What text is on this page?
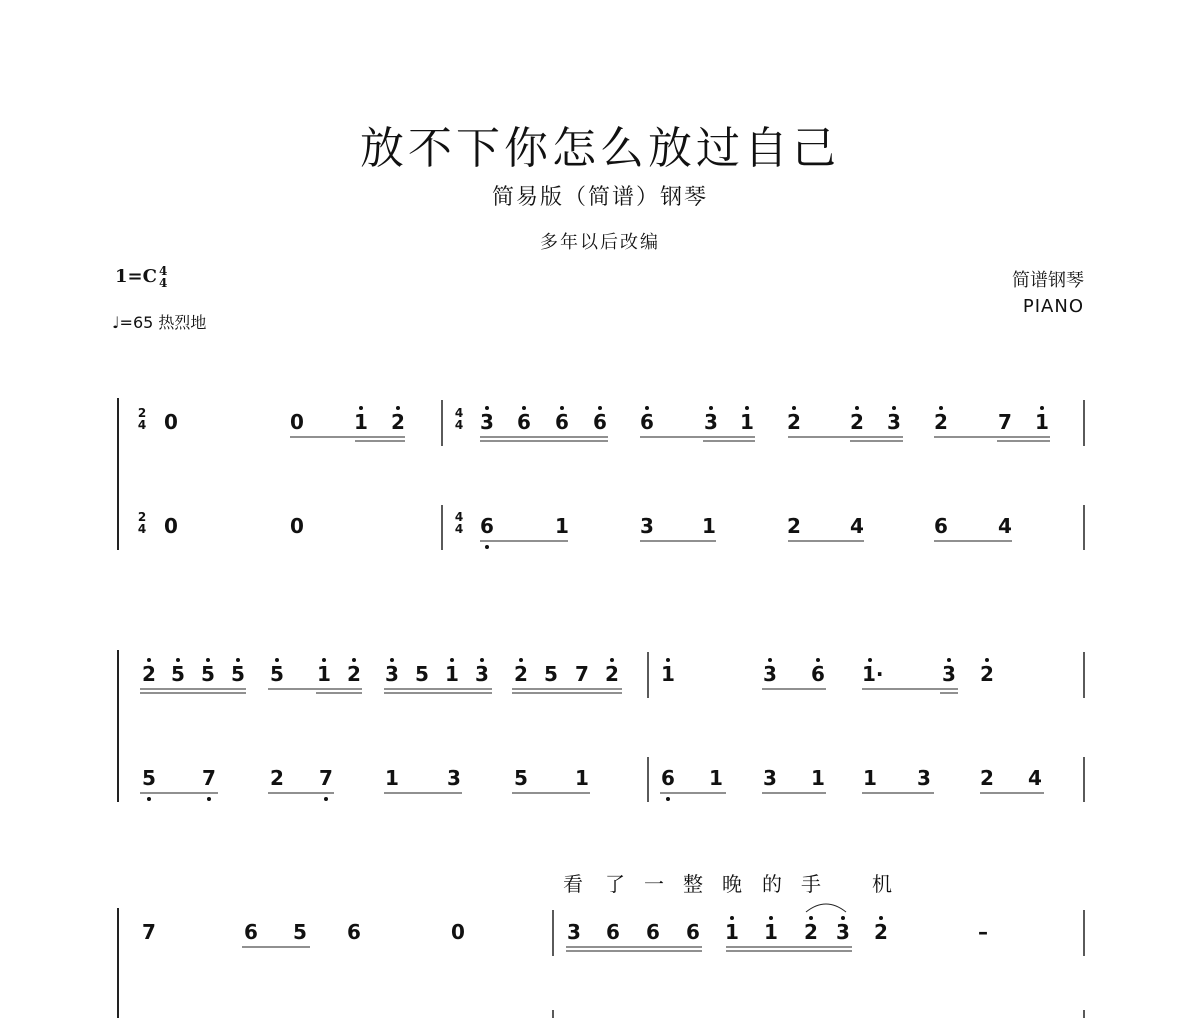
放不下你怎么放过自己
简易版（简谱）钢琴
多年以后改编
1=C 4
4
♩=65 热烈地
简谱钢琴
PIANO
2
4 0	0	1 2	4
4 3 6 6 6 6	3 1 2 2 3 2	7 1
2
4 0	0	4
4 6	1	3 1	2 4	6	4
2 5 5 5 5 1 2 3 5 1 3 2 5 7 2 1	3 6 1·	3 2
5 7	2 7	1 3	5 1	6 1 3 1 1 3 2 4
看 了 一 整 晚 的 手	机
7	6 5 6	0	3 6 6 6 1 1 2 3 2	–
